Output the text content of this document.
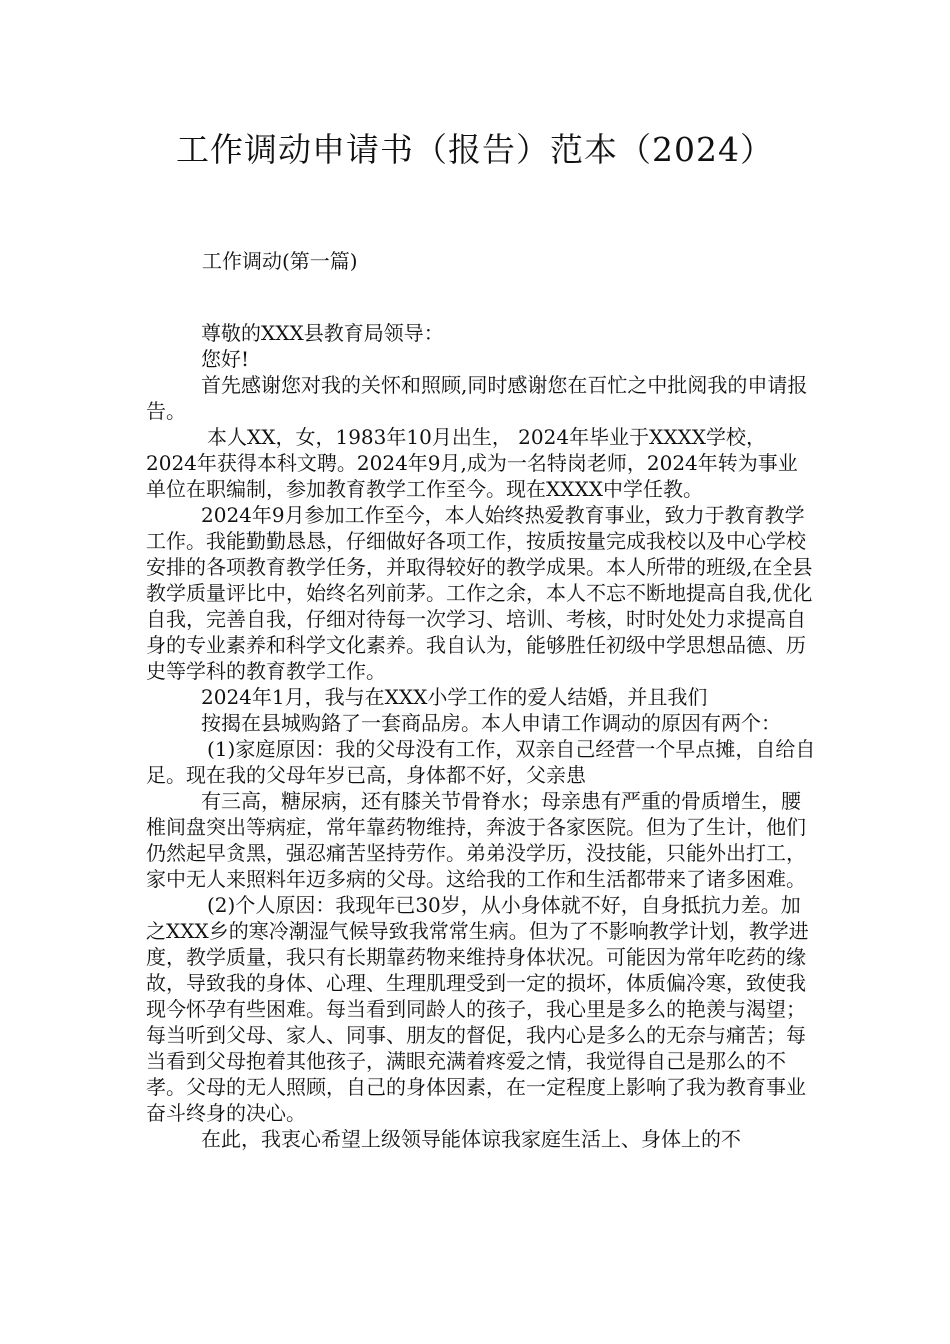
工作调动申请书（报告）范本（2024）
工作调动(第一篇)

尊敬的XXX县教育局领导：

您好!

首先感谢您对我的关怀和照顾,同时感谢您在百忙之中批阅我的申请报告。

本人XX，女，1983年10月出生， 2024年毕业于XXXX学校，2024年获得本科文聘。2024年9月,成为一名特岗老师，2024年转为事业单位在职编制，参加教育教学工作至今。现在XXXX中学任教。

2024年9月参加工作至今，本人始终热爱教育事业，致力于教育教学工作。我能勤勤恳恳，仔细做好各项工作，按质按量完成我校以及中心学校安排的各项教育教学任务，并取得较好的教学成果。本人所带的班级,在全县教学质量评比中，始终名列前茅。工作之余，本人不忘不断地提高自我,优化自我，完善自我，仔细对待每一次学习、培训、考核，时时处处力求提高自身的专业素养和科学文化素养。我自认为，能够胜任初级中学思想品德、历史等学科的教育教学工作。

2024年1月，我与在XXX小学工作的爱人结婚，并且我们

按揭在县城购鉻了一套商品房。本人申请工作调动的原因有两个：

(1)家庭原因：我的父母没有工作，双亲自己经营一个早点摊，自给自足。现在我的父母年岁已高，身体都不好，父亲患

有三高，糖尿病，还有膝关节骨脊水；母亲患有严重的骨质增生，腰椎间盘突出等病症，常年靠药物维持，奔波于各家医院。但为了生计，他们仍然起早贪黑，强忍痛苦坚持劳作。弟弟没学历，没技能，只能外出打工，家中无人来照料年迈多病的父母。这给我的工作和生活都带来了诸多困难。

(2)个人原因：我现年已30岁，从小身体就不好，自身抵抗力差。加之XXX乡的寒冷潮湿气候导致我常常生病。但为了不影响教学计划，教学进度，教学质量，我只有长期靠药物来维持身体状况。可能因为常年吃药的缘故，导致我的身体、心理、生理肌理受到一定的损坏，体质偏冷寒，致使我现今怀孕有些困难。每当看到同龄人的孩子，我心里是多么的艳羡与渴望；每当听到父母、家人、同事、朋友的督促，我内心是多么的无奈与痛苦；每当看到父母抱着其他孩子，满眼充满着疼爱之情，我觉得自己是那么的不孝。父母的无人照顾，自己的身体因素，在一定程度上影响了我为教育事业奋斗终身的决心。

在此，我衷心希望上级领导能体谅我家庭生活上、身体上的不
